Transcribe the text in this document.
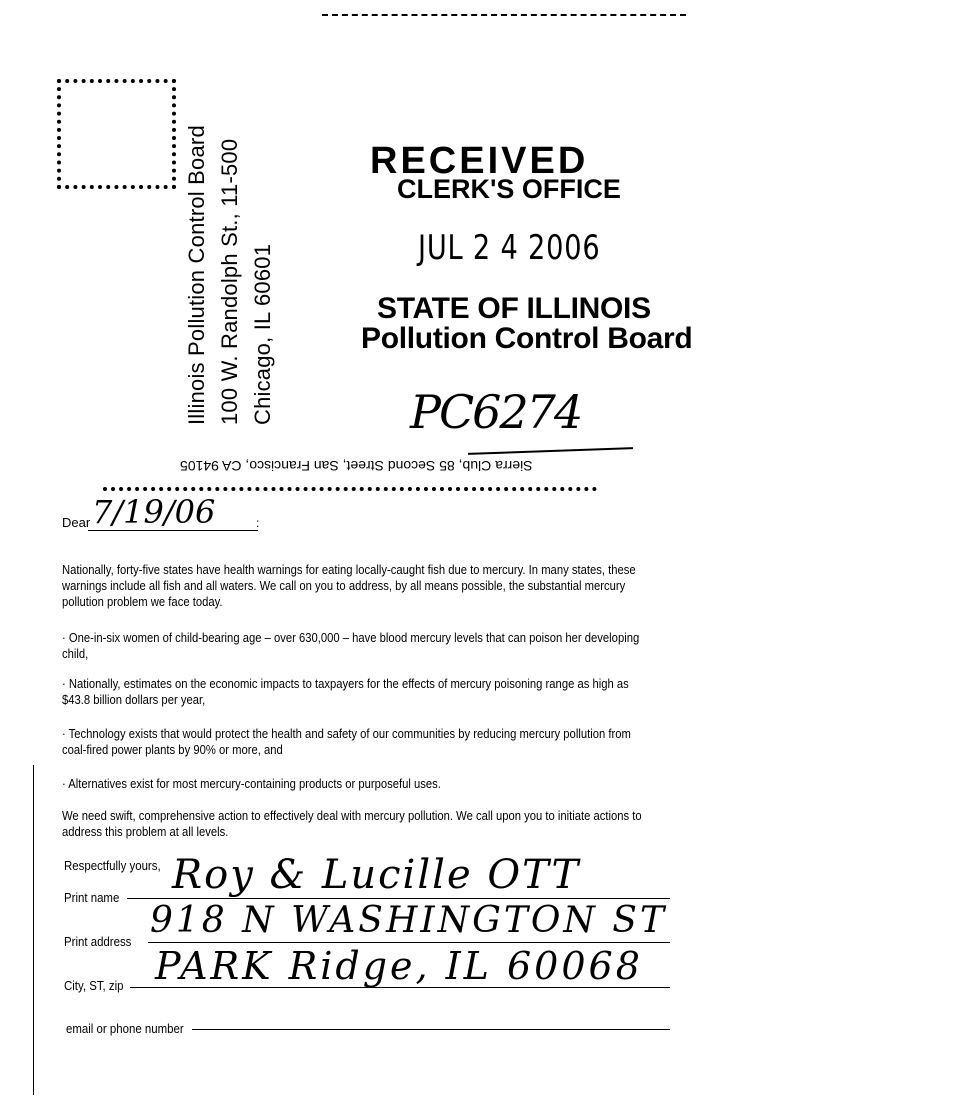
Illinois Pollution Control Board 100 W. Randolph St., 11-500 Chicago, IL 60601
RECEIVED
CLERK'S OFFICE
JUL 2 4 2006
STATE OF ILLINOIS
Pollution Control Board
PC6274
Sierra Club, 85 Second Street, San Francisco, CA 94105
Dear 7/19/06	:
Nationally, forty-five states have health warnings for eating locally-caught fish due to mercury. In many states, these warnings include all fish and all waters. We call on you to address, by all means possible, the substantial mercury pollution problem we face today.
· One-in-six women of child-bearing age – over 630,000 – have blood mercury levels that can poison her developing child,
· Nationally, estimates on the economic impacts to taxpayers for the effects of mercury poisoning range as high as $43.8 billion dollars per year,
· Technology exists that would protect the health and safety of our communities by reducing mercury pollution from coal-fired power plants by 90% or more, and
· Alternatives exist for most mercury-containing products or purposeful uses.
We need swift, comprehensive action to effectively deal with mercury pollution. We call upon you to initiate actions to address this problem at all levels.
Respectfully yours,
Print name Roy & Lucille OTT
Print address
918 N WASHINGTON ST
City, ST, zip PARK Ridge, IL 60068
email or phone number
